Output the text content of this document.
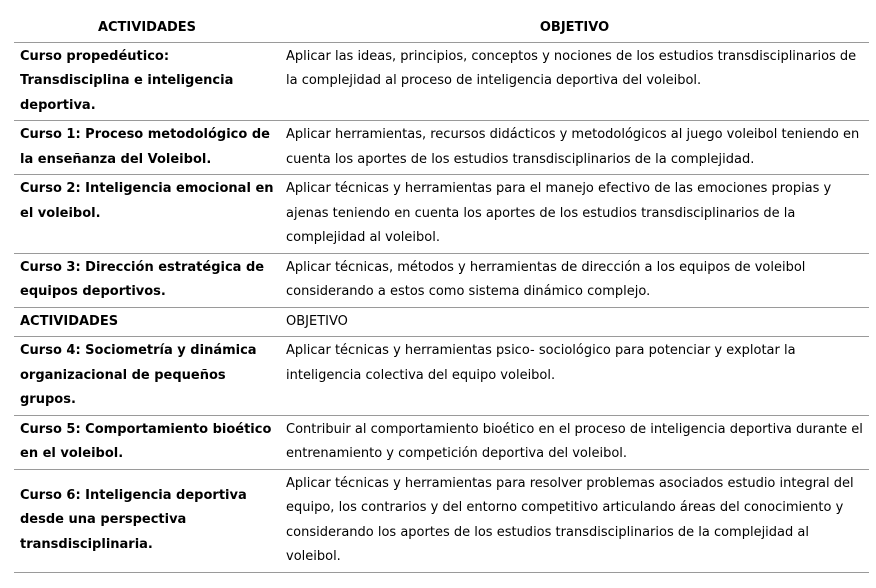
ACTIVIDADES	OBJETIVO
Curso propedéutico: Transdisciplina e inteligencia deportiva.	Aplicar las ideas, principios, conceptos y nociones de los estudios transdisciplinarios de la complejidad al proceso de inteligencia deportiva del voleibol.
Curso 1: Proceso metodológico de la enseñanza del Voleibol.	Aplicar herramientas, recursos didácticos y metodológicos al juego voleibol teniendo en cuenta los aportes de los estudios transdisciplinarios de la complejidad.
Curso 2: Inteligencia emocional en el voleibol.	Aplicar técnicas y herramientas para el manejo efectivo de las emociones propias y ajenas teniendo en cuenta los aportes de los estudios transdisciplinarios de la complejidad al voleibol.
Curso 3: Dirección estratégica de equipos deportivos.	Aplicar técnicas, métodos y herramientas de dirección a los equipos de voleibol considerando a estos como sistema dinámico complejo.
ACTIVIDADES	OBJETIVO
Curso 4: Sociometría y dinámica organizacional de pequeños grupos.	Aplicar técnicas y herramientas psico- sociológico para potenciar y explotar la inteligencia colectiva del equipo voleibol.
Curso 5: Comportamiento bioético en el voleibol.	Contribuir al comportamiento bioético en el proceso de inteligencia deportiva durante el entrenamiento y competición deportiva del voleibol.
Curso 6: Inteligencia deportiva desde una perspectiva transdisciplinaria.	Aplicar técnicas y herramientas para resolver problemas asociados estudio integral del equipo, los contrarios y del entorno competitivo articulando áreas del conocimiento y considerando los aportes de los estudios transdisciplinarios de la complejidad al voleibol.
